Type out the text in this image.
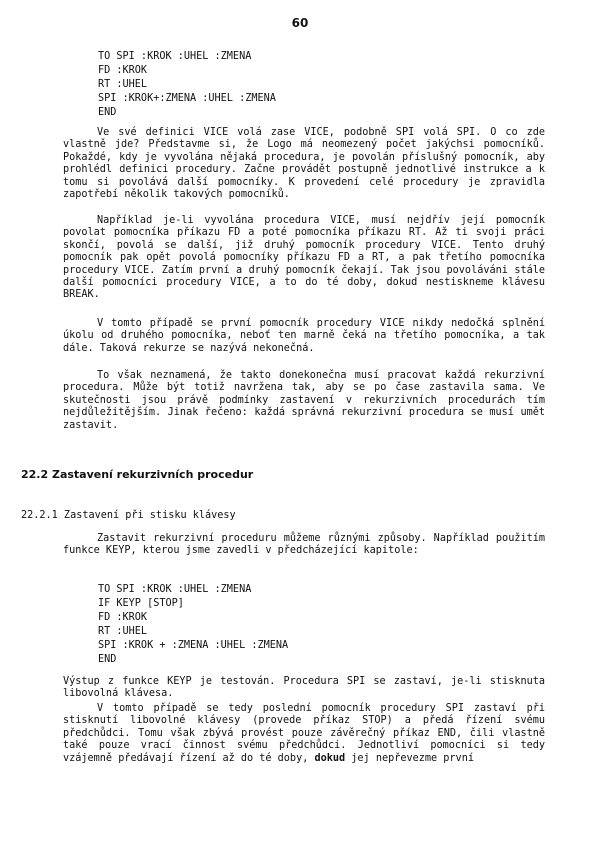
60
TO SPI :KROK :UHEL :ZMENA
FD :KROK
RT :UHEL
SPI :KROK+:ZMENA :UHEL :ZMENA
END

Ve své definici VICE volá zase VICE, podobně SPI volá SPI. O co zde vlastně jde? Představme si, že Logo má neomezený počet jakýchsi pomocníků. Pokaždé, kdy je vyvolána nějaká procedura, je povolán příslušný pomocník, aby prohlédl definici procedury. Začne provádět postupně jednotlivé instrukce a k tomu si povolává další pomocníky. K provedení celé procedury je zpravidla zapotřebí několik takových pomocníků.

Například je-li vyvolána procedura VICE, musí nejdřív její pomocník povolat pomocníka příkazu FD a poté pomocníka příkazu RT. Až ti svoji práci skončí, povolá se další, již druhý pomocník procedury VICE. Tento druhý pomocník pak opět povolá pomocníky příkazu FD a RT, a pak třetího pomocníka procedury VICE. Zatím první a druhý pomocník čekají. Tak jsou povoláváni stále další pomocníci procedury VICE, a to do té doby, dokud nestiskneme klávesu BREAK.

V tomto případě se první pomocník procedury VICE nikdy nedočká splnění úkolu od druhého pomocníka, neboť ten marně čeká na třetího pomocníka, a tak dále. Taková rekurze se nazývá nekonečná.

To však neznamená, že takto donekonečna musí pracovat každá rekurzivní procedura. Může být totiž navržena tak, aby se po čase zastavila sama. Ve skutečnosti jsou právě podmínky zastavení v rekurzivních procedurách tím nejdůležitějším. Jinak řečeno: každá správná rekurzivní procedura se musí umět zastavit.

22.2 Zastavení rekurzivních procedur
22.2.1 Zastavení při stisku klávesy

Zastavit rekurzivní proceduru můžeme různými způsoby. Například použitím funkce KEYP, kterou jsme zavedli v předcházející kapitole:

TO SPI :KROK :UHEL :ZMENA
IF KEYP [STOP]
FD :KROK
RT :UHEL
SPI :KROK + :ZMENA :UHEL :ZMENA
END

Výstup z funkce KEYP je testován. Procedura SPI se zastaví, je-li stisknuta libovolná klávesa.

V tomto případě se tedy poslední pomocník procedury SPI zastaví při stisknutí libovolné klávesy (provede příkaz STOP) a předá řízení svému předchůdci. Tomu však zbývá provést pouze závěrečný příkaz END, čili vlastně také pouze vrací činnost svému předchůdci. Jednotliví pomocníci si tedy vzájemně předávají řízení až do té doby, dokud jej nepřevezme první
